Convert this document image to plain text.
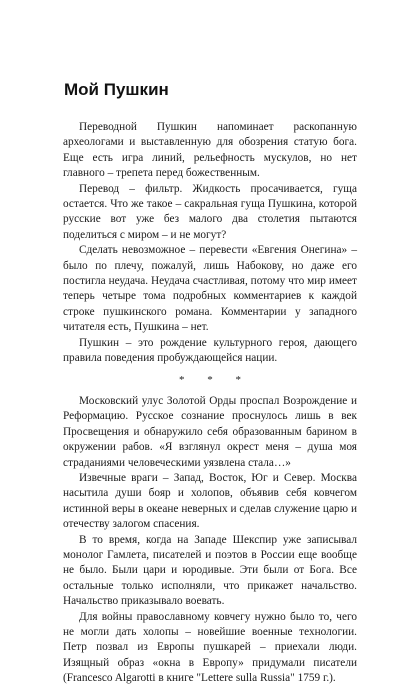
Мой Пушкин

Переводной Пушкин напоминает раскопанную археологами и выставленную для обозрения статую бога. Еще есть игра линий, рельефность мускулов, но нет главного – трепета перед божественным.

Перевод – фильтр. Жидкость просачивается, гуща остается. Что же такое – сакральная гуща Пушкина, которой русские вот уже без малого два столетия пытаются поделиться с миром – и не могут?

Сделать невозможное – перевести «Евгения Онегина» – было по плечу, пожалуй, лишь Набокову, но даже его постигла неудача. Неудача счастливая, потому что мир имеет теперь четыре тома подробных комментариев к каждой строке пушкинского романа. Комментарии у западного читателя есть, Пушкина – нет.

Пушкин – это рождение культурного героя, дающего правила поведения пробуждающейся нации.

* * *

Московский улус Золотой Орды проспал Возрождение и Реформацию. Русское сознание проснулось лишь в век Просвещения и обнаружило себя образованным барином в окружении рабов. «Я взглянул окрест меня – душа моя страданиями человеческими уязвлена стала…»

Извечные враги – Запад, Восток, Юг и Север. Москва насытила души бояр и холопов, объявив себя ковчегом истинной веры в океане неверных и сделав служение царю и отечеству залогом спасения.

В то время, когда на Западе Шекспир уже записывал монолог Гамлета, писателей и поэтов в России еще вообще не было. Были цари и юродивые. Эти были от Бога. Все остальные только исполняли, что прикажет начальство. Начальство приказывало воевать.

Для войны православному ковчегу нужно было то, чего не могли дать холопы – новейшие военные технологии. Петр позвал из Европы пушкарей – приехали люди. Изящный образ «окна в Европу» придумали писатели (Francesco Algarotti в книге "Lettere sulla Russia" 1759 г.).
